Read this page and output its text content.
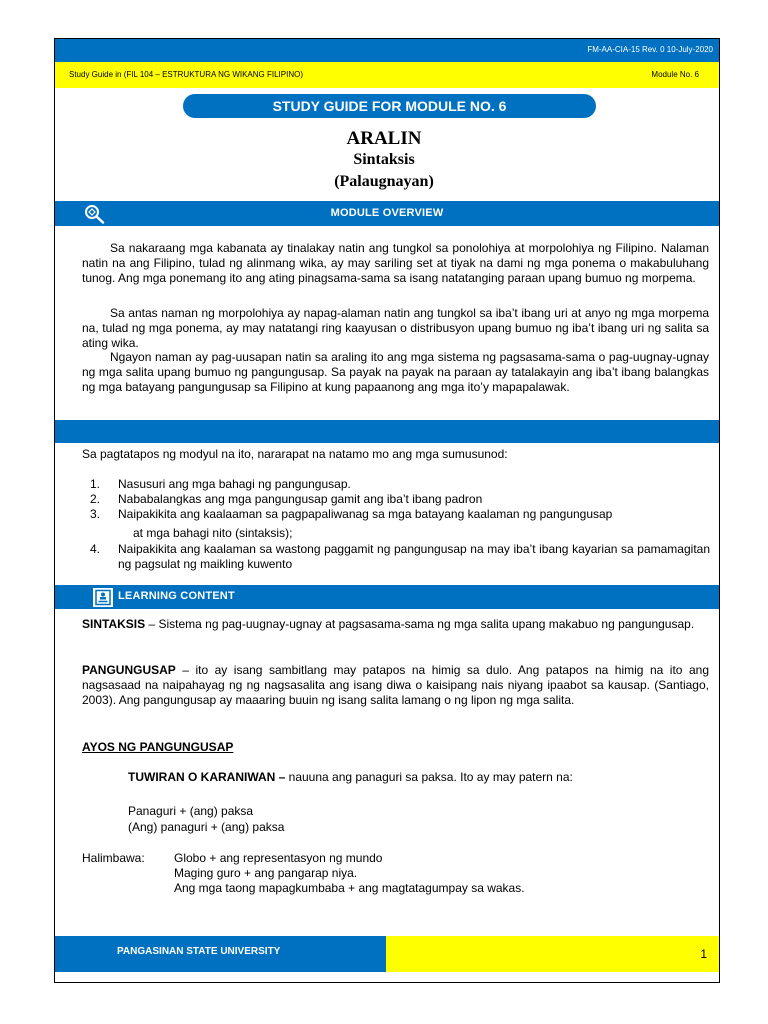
FM-AA-CIA-15 Rev. 0 10-July-2020
Study Guide in (FIL 104 – ESTRUKTURA NG WIKANG FILIPINO)	Module No. 6
STUDY GUIDE FOR MODULE NO. 6
ARALIN
Sintaksis
(Palaugnayan)
MODULE OVERVIEW
Sa nakaraang mga kabanata ay tinalakay natin ang tungkol sa ponolohiya at morpolohiya ng Filipino. Nalaman natin na ang Filipino, tulad ng alinmang wika, ay may sariling set at tiyak na dami ng mga ponema o makabuluhang tunog. Ang mga ponemang ito ang ating pinagsama-sama sa isang natatanging paraan upang bumuo ng morpema.
Sa antas naman ng morpolohiya ay napag-alaman natin ang tungkol sa iba’t ibang uri at anyo ng mga morpema na, tulad ng mga ponema, ay may natatangi ring kaayusan o distribusyon upang bumuo ng iba’t ibang uri ng salita sa ating wika.
Ngayon naman ay pag-uusapan natin sa araling ito ang mga sistema ng pagsasama-sama o pag-uugnay-ugnay ng mga salita upang bumuo ng pangungusap. Sa payak na payak na paraan ay tatalakayin ang iba’t ibang balangkas ng mga batayang pangungusap sa Filipino at kung papaanong ang mga ito’y mapapalawak.
Sa pagtatapos ng modyul na ito, nararapat na natamo mo ang mga sumusunod:
1.	Nasusuri ang mga bahagi ng pangungusap.
2.	Nababalangkas ang mga pangungusap gamit ang iba’t ibang padron
3.	Naipakikita ang kaalaaman sa pagpapaliwanag sa mga batayang kaalaman ng pangungusap
at mga bahagi nito (sintaksis);
4.	Naipakikita ang kaalaman sa wastong paggamit ng pangungusap na may iba’t ibang kayarian sa pamamagitan ng pagsulat ng maikling kuwento
LEARNING CONTENT
SINTAKSIS – Sistema ng pag-uugnay-ugnay at pagsasama-sama ng mga salita upang makabuo ng pangungusap.
PANGUNGUSAP – ito ay isang sambitlang may patapos na himig sa dulo. Ang patapos na himig na ito ang nagsasaad na naipahayag ng ng nagsasalita ang isang diwa o kaisipang nais niyang ipaabot sa kausap. (Santiago, 2003). Ang pangungusap ay maaaring buuin ng isang salita lamang o ng lipon ng mga salita.
AYOS NG PANGUNGUSAP
TUWIRAN O KARANIWAN – nauuna ang panaguri sa paksa. Ito ay may patern na:
Panaguri + (ang) paksa
(Ang) panaguri + (ang) paksa
Halimbawa: Globo + ang representasyon ng mundo
Maging guro + ang pangarap niya.
Ang mga taong mapagkumbaba + ang magtatagumpay sa wakas.
PANGASINAN STATE UNIVERSITY	1
